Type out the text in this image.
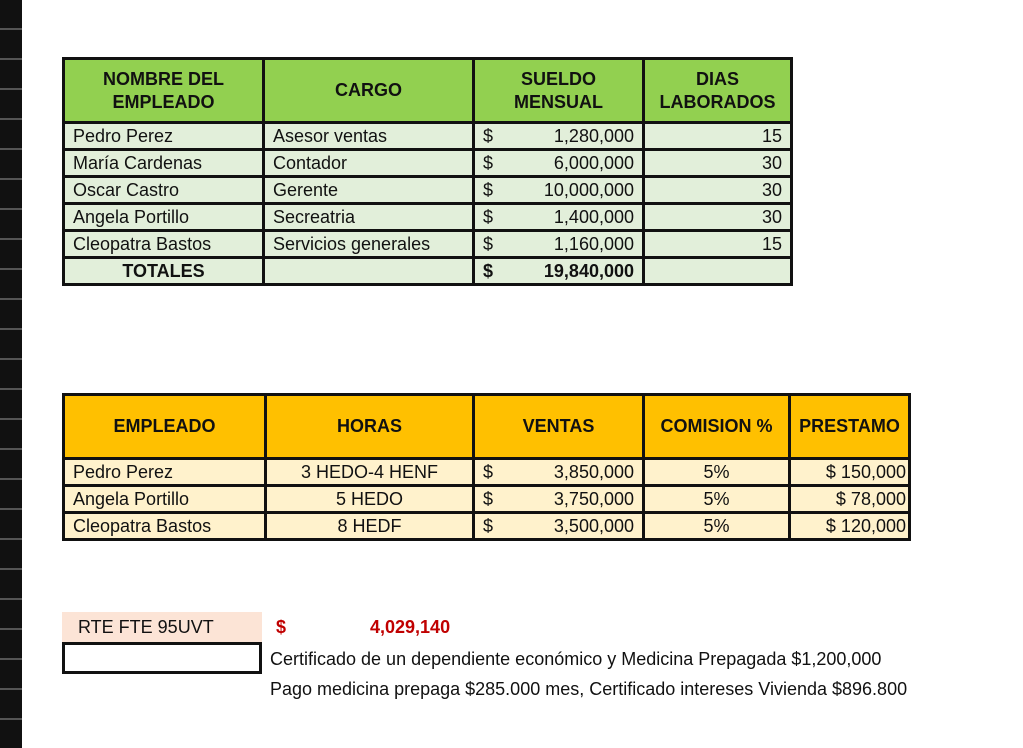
NOMBRE DEL EMPLEADO	CARGO	SUELDO MENSUAL	DIAS LABORADOS
Pedro Perez	Asesor ventas	$ 1,280,000	15
María Cardenas	Contador	$ 6,000,000	30
Oscar Castro	Gerente	$ 10,000,000	30
Angela Portillo	Secreatria	$ 1,400,000	30
Cleopatra Bastos	Servicios generales	$ 1,160,000	15
TOTALES		$ 19,840,000	

EMPLEADO	HORAS	VENTAS	COMISION %	PRESTAMO
Pedro Perez	3 HEDO-4 HENF	$ 3,850,000	5%	$ 150,000
Angela Portillo	5 HEDO	$ 3,750,000	5%	$ 78,000
Cleopatra Bastos	8 HEDF	$ 3,500,000	5%	$ 120,000
RTE FTE 95UVT	$	4,029,140
Certificado de un dependiente económico y Medicina Prepagada $1,200,000
Pago medicina prepaga $285.000 mes, Certificado intereses Vivienda $896.800
